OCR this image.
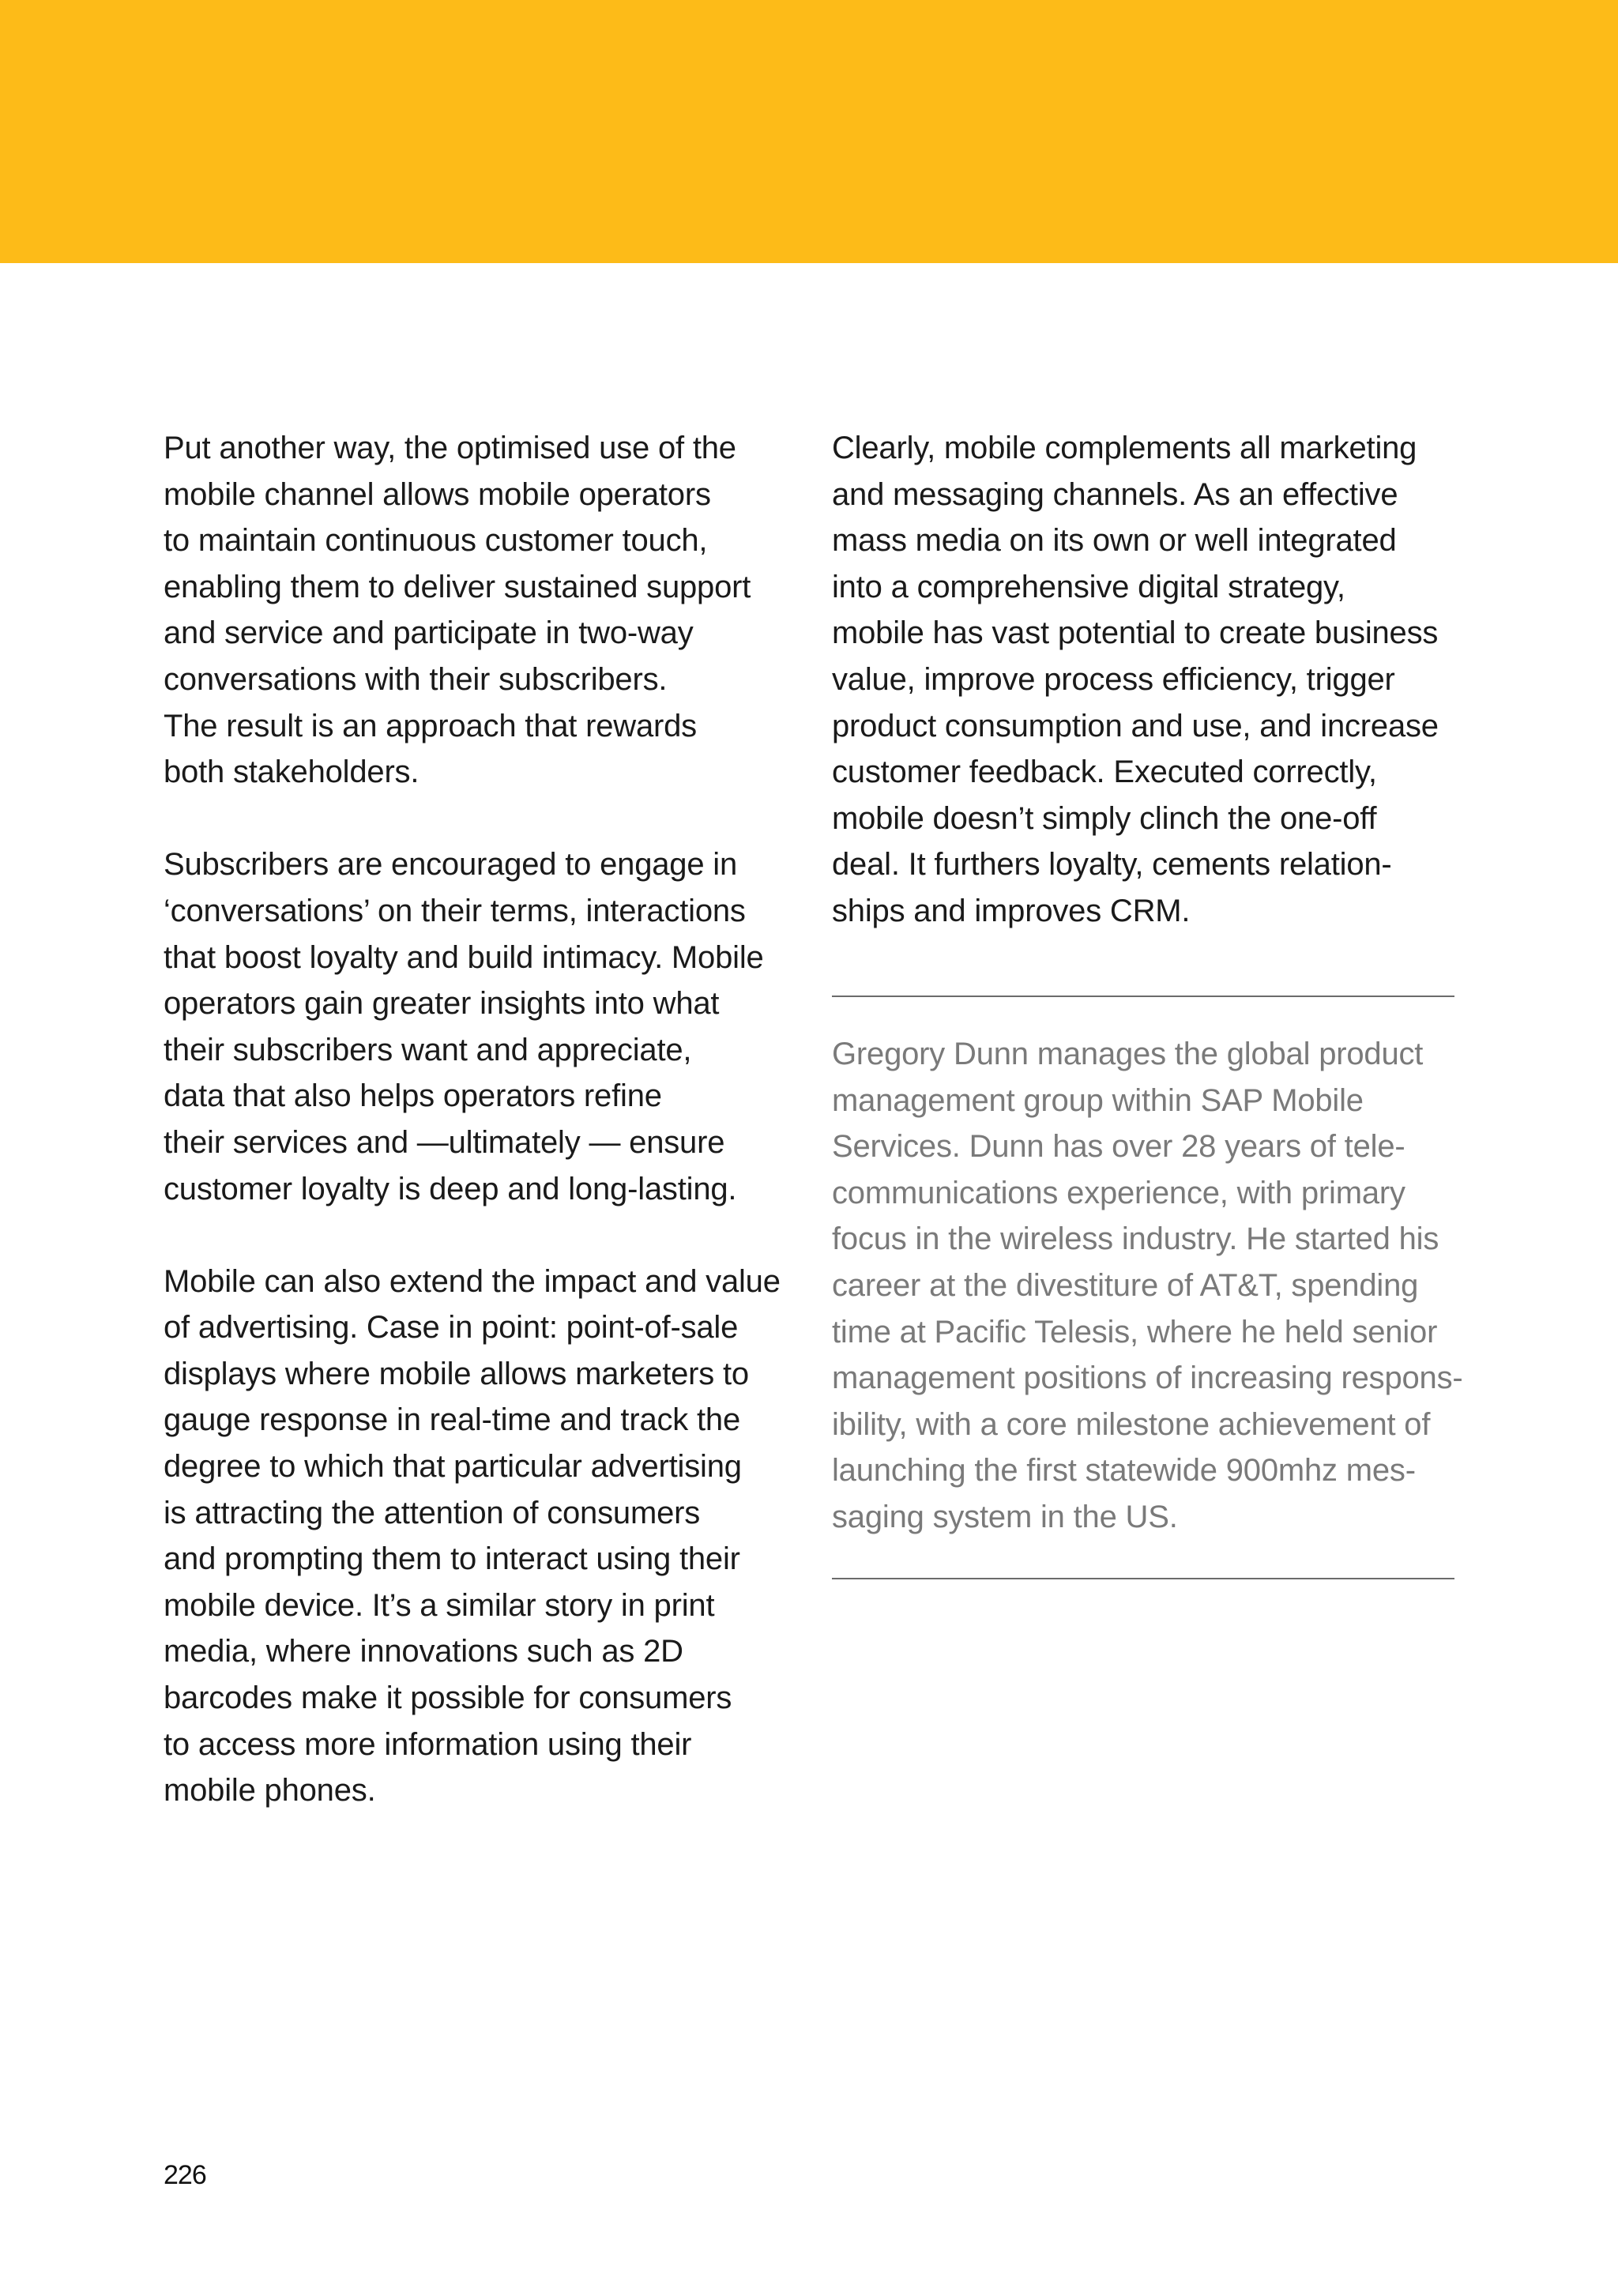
Put another way, the optimised use of the
mobile channel allows mobile operators
to maintain continuous customer touch,
enabling them to deliver sustained support
and service and participate in two-way
conversations with their subscribers.
The result is an approach that rewards
both stakeholders.

Subscribers are encouraged to engage in
‘conversations’ on their terms, interactions
that boost loyalty and build intimacy. Mobile
operators gain greater insights into what
their subscribers want and appreciate,
data that also helps operators refine
their services and —ultimately — ensure
customer loyalty is deep and long-lasting.

Mobile can also extend the impact and value
of advertising. Case in point: point-of-sale
displays where mobile allows marketers to
gauge response in real-time and track the
degree to which that particular advertising
is attracting the attention of consumers
and prompting them to interact using their
mobile device. It’s a similar story in print
media, where innovations such as 2D
barcodes make it possible for consumers
to access more information using their
mobile phones.

Clearly, mobile complements all marketing
and messaging channels. As an effective
mass media on its own or well integrated
into a comprehensive digital strategy,
mobile has vast potential to create business
value, improve process efficiency, trigger
product consumption and use, and increase
customer feedback. Executed correctly,
mobile doesn’t simply clinch the one-off
deal. It furthers loyalty, cements relation-
ships and improves CRM.

Gregory Dunn manages the global product
management group within SAP Mobile
Services. Dunn has over 28 years of tele-
communications experience, with primary
focus in the wireless industry. He started his
career at the divestiture of AT&T, spending
time at Pacific Telesis, where he held senior
management positions of increasing respons-
ibility, with a core milestone achievement of
launching the first statewide 900mhz mes-
saging system in the US.
226
